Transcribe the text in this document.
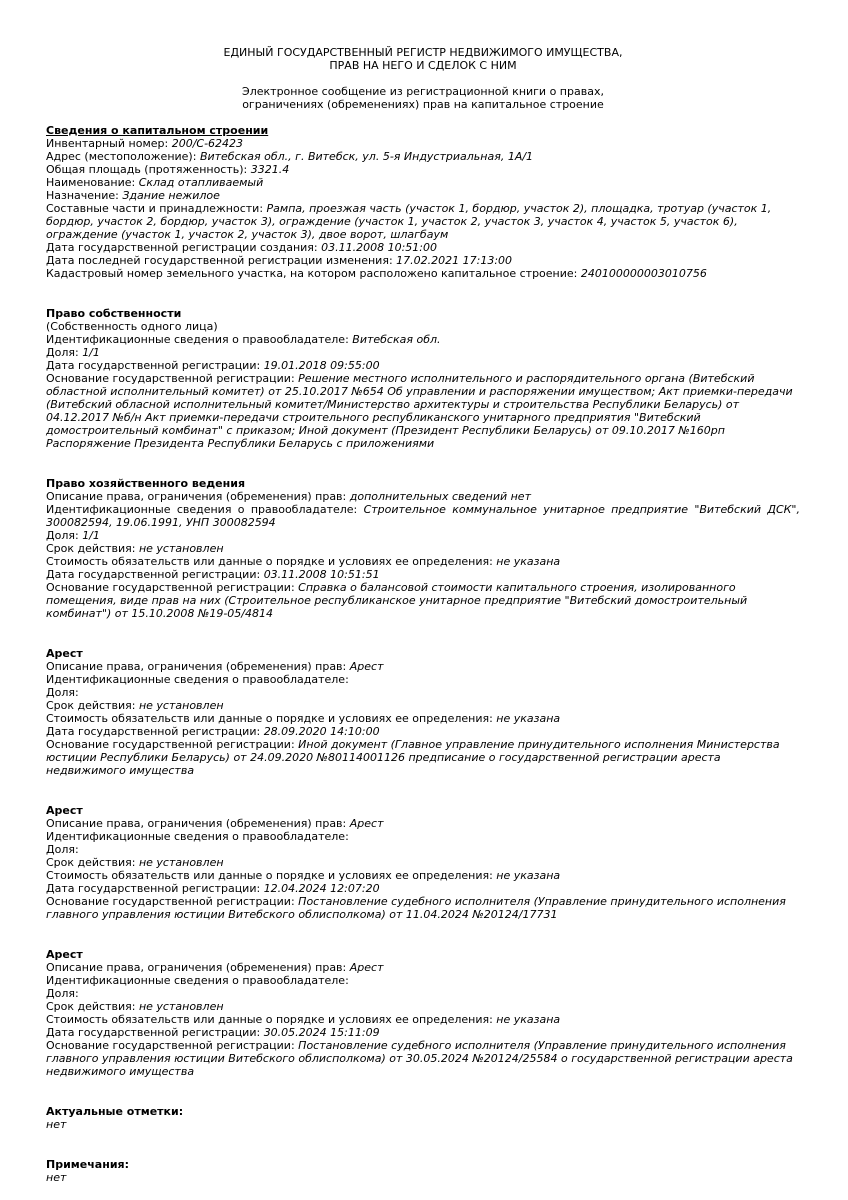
ЕДИНЫЙ ГОСУДАРСТВЕННЫЙ РЕГИСТР НЕДВИЖИМОГО ИМУЩЕСТВА,
ПРАВ НА НЕГО И СДЕЛОК С НИМ
Электронное сообщение из регистрационной книги о правах,
ограничениях (обременениях) прав на капитальное строение
Сведения о капитальном строении
Инвентарный номер: 200/C-62423
Адрес (местоположение): Витебская обл., г. Витебск, ул. 5-я Индустриальная, 1А/1
Общая площадь (протяженность): 3321.4
Наименование: Склад отапливаемый
Назначение: Здание нежилое
Составные части и принадлежности: Рампа, проезжая часть (участок 1, бордюр, участок 2), площадка, тротуар (участок 1, бордюр, участок 2, бордюр, участок 3), ограждение (участок 1, участок 2, участок 3, участок 4, участок 5, участок 6), ограждение (участок 1, участок 2, участок 3), двое ворот, шлагбаум
Дата государственной регистрации создания: 03.11.2008 10:51:00
Дата последней государственной регистрации изменения: 17.02.2021 17:13:00
Кадастровый номер земельного участка, на котором расположено капитальное строение: 240100000003010756
Право собственности
(Собственность одного лица)
Идентификационные сведения о правообладателе: Витебская обл.
Доля: 1/1
Дата государственной регистрации: 19.01.2018 09:55:00
Основание государственной регистрации: Решение местного исполнительного и распорядительного органа (Витебский областной исполнительный комитет) от 25.10.2017 №654 Об управлении и распоряжении имуществом; Акт приемки-передачи (Витебский обласной исполнительный комитет/Министерство архитектуры и строительства Республики Беларусь) от 04.12.2017 №б/н Акт приемки-передачи строительного республиканского унитарного предприятия "Витебский домостроительный комбинат" с приказом; Иной документ (Президент Республики Беларусь) от 09.10.2017 №160рп Распоряжение Президента Республики Беларусь с приложениями
Право хозяйственного ведения
Описание права, ограничения (обременения) прав: дополнительных сведений нет
Идентификационные сведения о правообладателе: Строительное коммунальное унитарное предприятие "Витебский ДСК", 300082594, 19.06.1991, УНП 300082594
Доля: 1/1
Срок действия: не установлен
Стоимость обязательств или данные о порядке и условиях ее определения: не указана
Дата государственной регистрации: 03.11.2008 10:51:51
Основание государственной регистрации: Справка о балансовой стоимости капитального строения, изолированного помещения, виде прав на них (Строительное республиканское унитарное предприятие "Витебский домостроительный комбинат") от 15.10.2008 №19-05/4814
Арест
Описание права, ограничения (обременения) прав: Арест
Идентификационные сведения о правообладателе:
Доля:
Срок действия: не установлен
Стоимость обязательств или данные о порядке и условиях ее определения: не указана
Дата государственной регистрации: 28.09.2020 14:10:00
Основание государственной регистрации: Иной документ (Главное управление принудительного исполнения Министерства юстиции Республики Беларусь) от 24.09.2020 №80114001126 предписание о государственной регистрации ареста недвижимого имущества
Арест
Описание права, ограничения (обременения) прав: Арест
Идентификационные сведения о правообладателе:
Доля:
Срок действия: не установлен
Стоимость обязательств или данные о порядке и условиях ее определения: не указана
Дата государственной регистрации: 12.04.2024 12:07:20
Основание государственной регистрации: Постановление судебного исполнителя (Управление принудительного исполнения главного управления юстиции Витебского облисполкома) от 11.04.2024 №20124/17731
Арест
Описание права, ограничения (обременения) прав: Арест
Идентификационные сведения о правообладателе:
Доля:
Срок действия: не установлен
Стоимость обязательств или данные о порядке и условиях ее определения: не указана
Дата государственной регистрации: 30.05.2024 15:11:09
Основание государственной регистрации: Постановление судебного исполнителя (Управление принудительного исполнения главного управления юстиции Витебского облисполкома) от 30.05.2024 №20124/25584 о государственной регистрации ареста недвижимого имущества
Актуальные отметки:
нет
Примечания:
нет
